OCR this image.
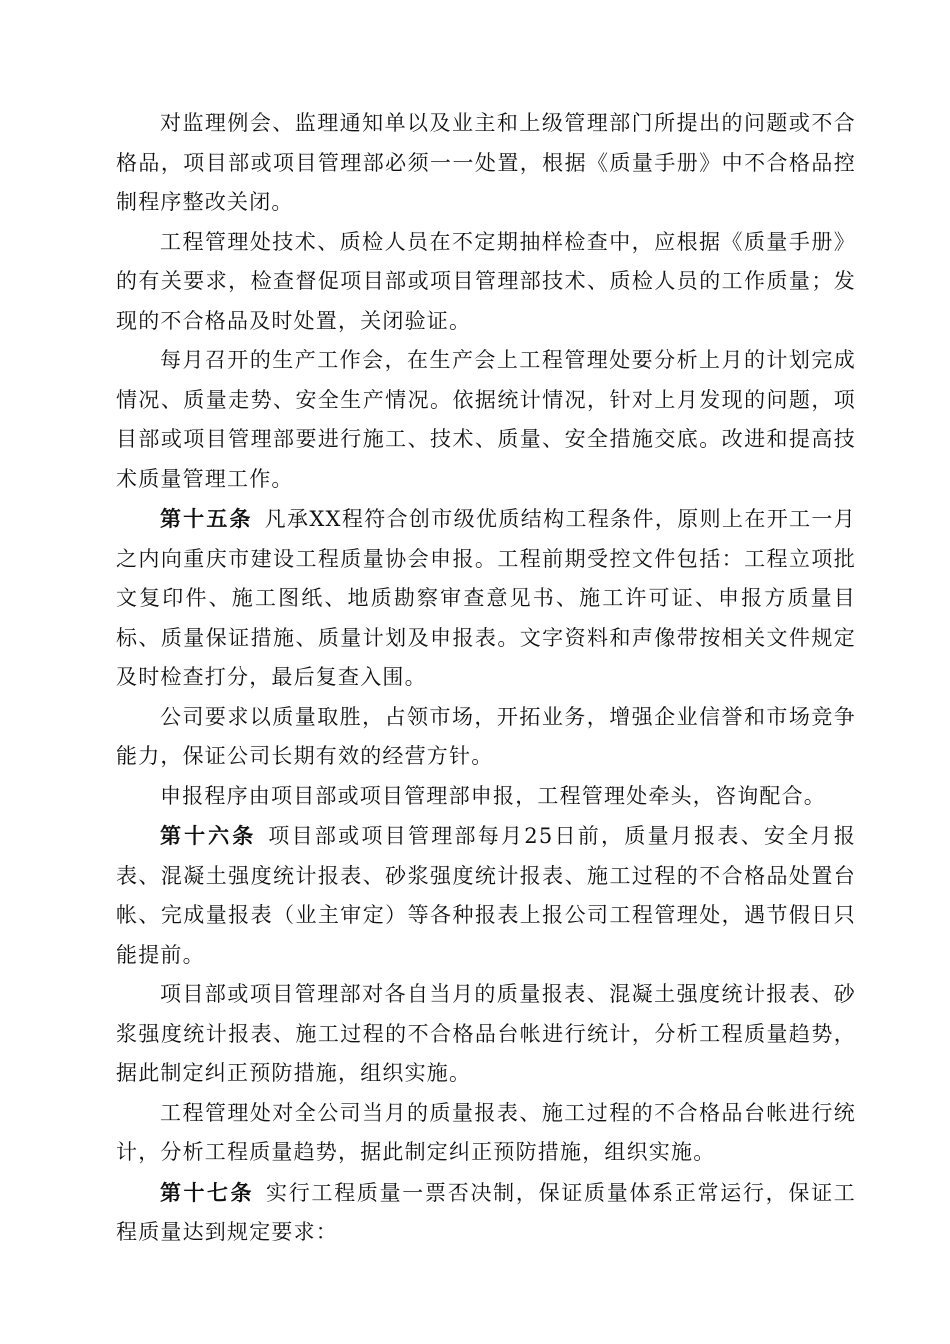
对监理例会、监理通知单以及业主和上级管理部门所提出的问题或不合格品，项目部或项目管理部必须一一处置，根据《质量手册》中不合格品控制程序整改关闭。

工程管理处技术、质检人员在不定期抽样检查中，应根据《质量手册》的有关要求，检查督促项目部或项目管理部技术、质检人员的工作质量；发现的不合格品及时处置，关闭验证。

每月召开的生产工作会，在生产会上工程管理处要分析上月的计划完成情况、质量走势、安全生产情况。依据统计情况，针对上月发现的问题，项目部或项目管理部要进行施工、技术、质量、安全措施交底。改进和提高技术质量管理工作。

第十五条 凡承XX程符合创市级优质结构工程条件，原则上在开工一月之内向重庆市建设工程质量协会申报。工程前期受控文件包括：工程立项批文复印件、施工图纸、地质勘察审查意见书、施工许可证、申报方质量目标、质量保证措施、质量计划及申报表。文字资料和声像带按相关文件规定及时检查打分，最后复查入围。

公司要求以质量取胜，占领市场，开拓业务，增强企业信誉和市场竞争能力，保证公司长期有效的经营方针。

申报程序由项目部或项目管理部申报，工程管理处牵头，咨询配合。

第十六条 项目部或项目管理部每月25日前，质量月报表、安全月报表、混凝土强度统计报表、砂浆强度统计报表、施工过程的不合格品处置台帐、完成量报表（业主审定）等各种报表上报公司工程管理处，遇节假日只能提前。

项目部或项目管理部对各自当月的质量报表、混凝土强度统计报表、砂浆强度统计报表、施工过程的不合格品台帐进行统计，分析工程质量趋势，据此制定纠正预防措施，组织实施。

工程管理处对全公司当月的质量报表、施工过程的不合格品台帐进行统计，分析工程质量趋势，据此制定纠正预防措施，组织实施。

第十七条 实行工程质量一票否决制，保证质量体系正常运行，保证工程质量达到规定要求：
